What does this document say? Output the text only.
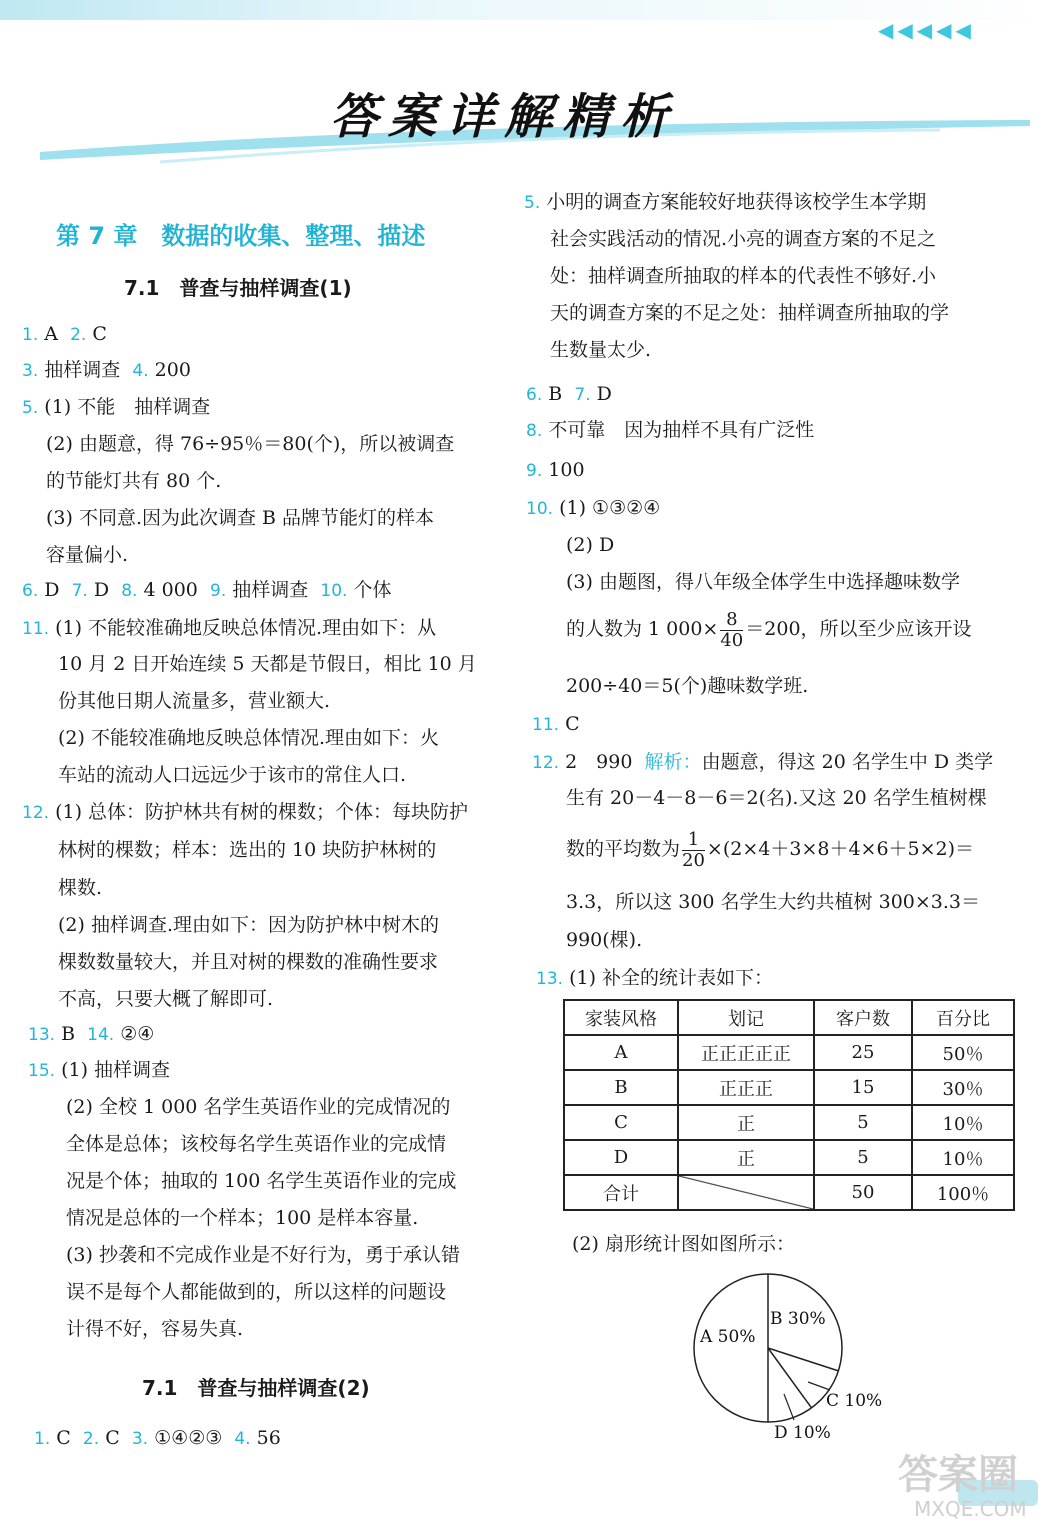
◀◀◀◀◀
答案详解精析
第 7 章　数据的收集、整理、描述
7.1　普查与抽样调查(1)
1. A 2. C
3. 抽样调查 4. 200
5. (1) 不能　抽样调查
(2) 由题意，得 76÷95％＝80(个)，所以被调查
的节能灯共有 80 个.
(3) 不同意.因为此次调查 B 品牌节能灯的样本
容量偏小.
6. D 7. D 8. 4 000 9. 抽样调查 10. 个体
11. (1) 不能较准确地反映总体情况.理由如下：从
10 月 2 日开始连续 5 天都是节假日，相比 10 月
份其他日期人流量多，营业额大.
(2) 不能较准确地反映总体情况.理由如下：火
车站的流动人口远远少于该市的常住人口.
12. (1) 总体：防护林共有树的棵数；个体：每块防护
林树的棵数；样本：选出的 10 块防护林树的
棵数.
(2) 抽样调查.理由如下：因为防护林中树木的
棵数数量较大，并且对树的棵数的准确性要求
不高，只要大概了解即可.
13. B 14. ②④
15. (1) 抽样调查
(2) 全校 1 000 名学生英语作业的完成情况的
全体是总体；该校每名学生英语作业的完成情
况是个体；抽取的 100 名学生英语作业的完成
情况是总体的一个样本；100 是样本容量.
(3) 抄袭和不完成作业是不好行为，勇于承认错
误不是每个人都能做到的，所以这样的问题设
计得不好，容易失真.
7.1　普查与抽样调查(2)
1. C 2. C 3. ①④②③ 4. 56
5. 小明的调查方案能较好地获得该校学生本学期
社会实践活动的情况.小亮的调查方案的不足之
处：抽样调查所抽取的样本的代表性不够好.小
天的调查方案的不足之处：抽样调查所抽取的学
生数量太少.
6. B 7. D
8. 不可靠　因为抽样不具有广泛性
9. 100
10. (1) ①③②④
(2) D
(3) 由题图，得八年级全体学生中选择趣味数学
的人数为 1 $000\times \frac{8}{40} =200$，所以至少应该开设
200÷40＝5(个)趣味数学班.
11. C
12. 2　990 解析：由题意，得这 20 名学生中 D 类学
生有 20－4－8－6＝2(名).又这 20 名学生植树棵
数的平均数为 $\frac{1}{20} \times(2\times 4+3\times 8+4\times 6+5\times 2)=$
3.3，所以这 300 名学生大约共植树 300×3.3＝
990(棵).
13. (1) 补全的统计表如下：
家装风格	划记	客户数	百分比
A	正正正正正	25	50％
B	正正正	15	30％
C	正	5	10％
D	正	5	10％
合计		50	100％
(2) 扇形统计图如图所示：
B 30%
C 10%
D 10%
A 50%
答案圈
MXQE.COM
